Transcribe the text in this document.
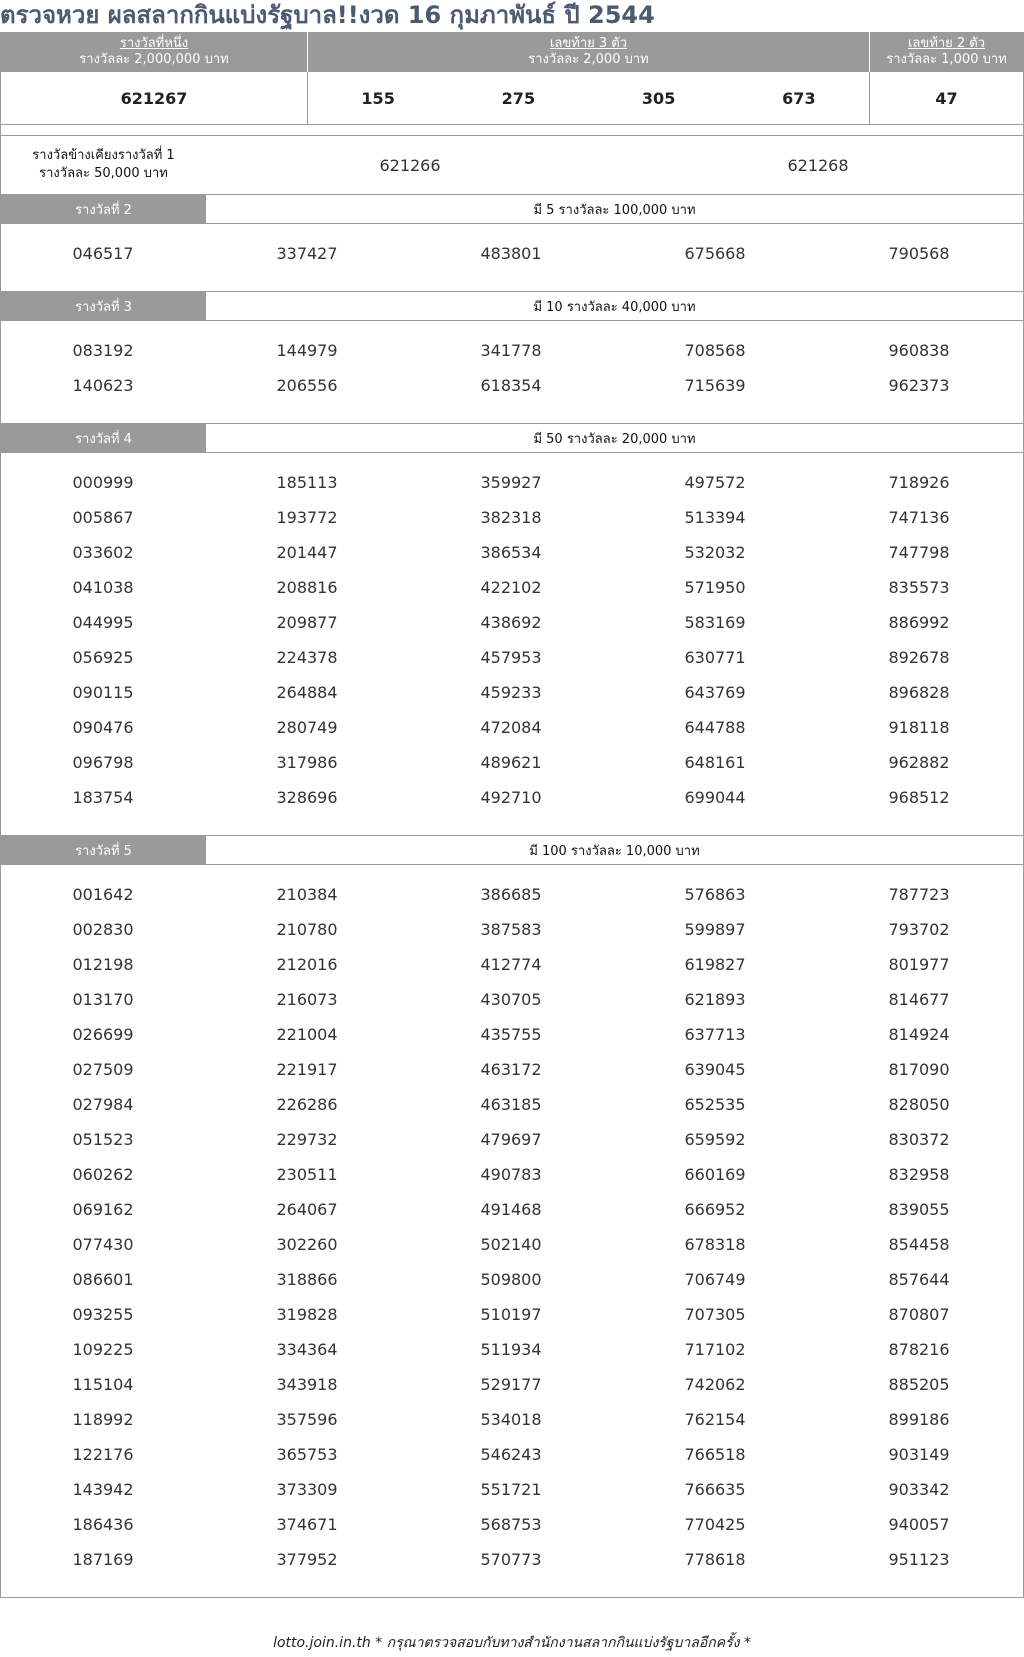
ตรวจหวย ผลสลากกินแบ่งรัฐบาล!!งวด 16 กุมภาพันธ์ ปี 2544
รางวัลที่หนึ่ง
รางวัลละ 2,000,000 บาท
เลขท้าย 3 ตัว
รางวัลละ 2,000 บาท
เลขท้าย 2 ตัว
รางวัลละ 1,000 บาท
621267	155	275	305	673	47
รางวัลข้างเคียงรางวัลที่ 1
รางวัลละ 50,000 บาท	621266	621268
รางวัลที่ 2	มี 5 รางวัลละ 100,000 บาท
046517	337427	483801	675668	790568
รางวัลที่ 3	มี 10 รางวัลละ 40,000 บาท
083192	144979	341778	708568	960838
140623	206556	618354	715639	962373
รางวัลที่ 4	มี 50 รางวัลละ 20,000 บาท
000999	185113	359927	497572	718926
005867	193772	382318	513394	747136
033602	201447	386534	532032	747798
041038	208816	422102	571950	835573
044995	209877	438692	583169	886992
056925	224378	457953	630771	892678
090115	264884	459233	643769	896828
090476	280749	472084	644788	918118
096798	317986	489621	648161	962882
183754	328696	492710	699044	968512
รางวัลที่ 5	มี 100 รางวัลละ 10,000 บาท
001642	210384	386685	576863	787723
002830	210780	387583	599897	793702
012198	212016	412774	619827	801977
013170	216073	430705	621893	814677
026699	221004	435755	637713	814924
027509	221917	463172	639045	817090
027984	226286	463185	652535	828050
051523	229732	479697	659592	830372
060262	230511	490783	660169	832958
069162	264067	491468	666952	839055
077430	302260	502140	678318	854458
086601	318866	509800	706749	857644
093255	319828	510197	707305	870807
109225	334364	511934	717102	878216
115104	343918	529177	742062	885205
118992	357596	534018	762154	899186
122176	365753	546243	766518	903149
143942	373309	551721	766635	903342
186436	374671	568753	770425	940057
187169	377952	570773	778618	951123
lotto.join.in.th * กรุณาตรวจสอบกับทางสำนักงานสลากกินแบ่งรัฐบาลอีกครั้ง *
